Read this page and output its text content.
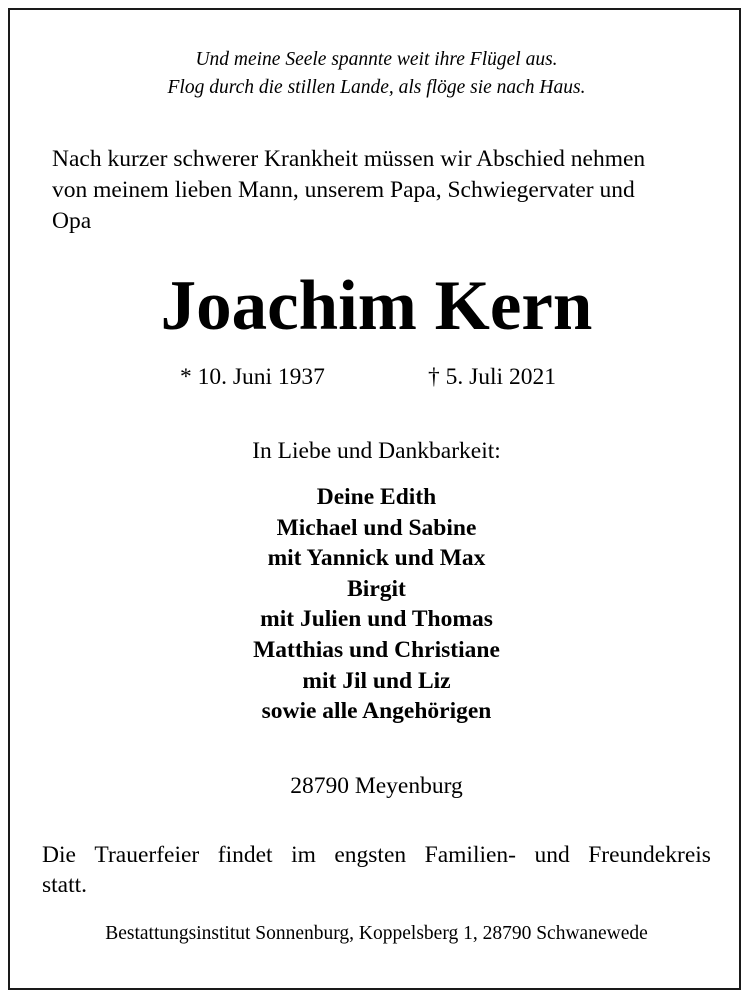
Und meine Seele spannte weit ihre Flügel aus.
Flog durch die stillen Lande, als flöge sie nach Haus.
Nach kurzer schwerer Krankheit müssen wir Abschied nehmen
von meinem lieben Mann, unserem Papa, Schwiegervater und
Opa
Joachim Kern
* 10. Juni 1937	† 5. Juli 2021
In Liebe und Dankbarkeit:
Deine Edith
Michael und Sabine
mit Yannick und Max
Birgit
mit Julien und Thomas
Matthias und Christiane
mit Jil und Liz
sowie alle Angehörigen
28790 Meyenburg
Die Trauerfeier findet im engsten Familien- und Freundekreis
statt.
Bestattungsinstitut Sonnenburg, Koppelsberg 1, 28790 Schwanewede
